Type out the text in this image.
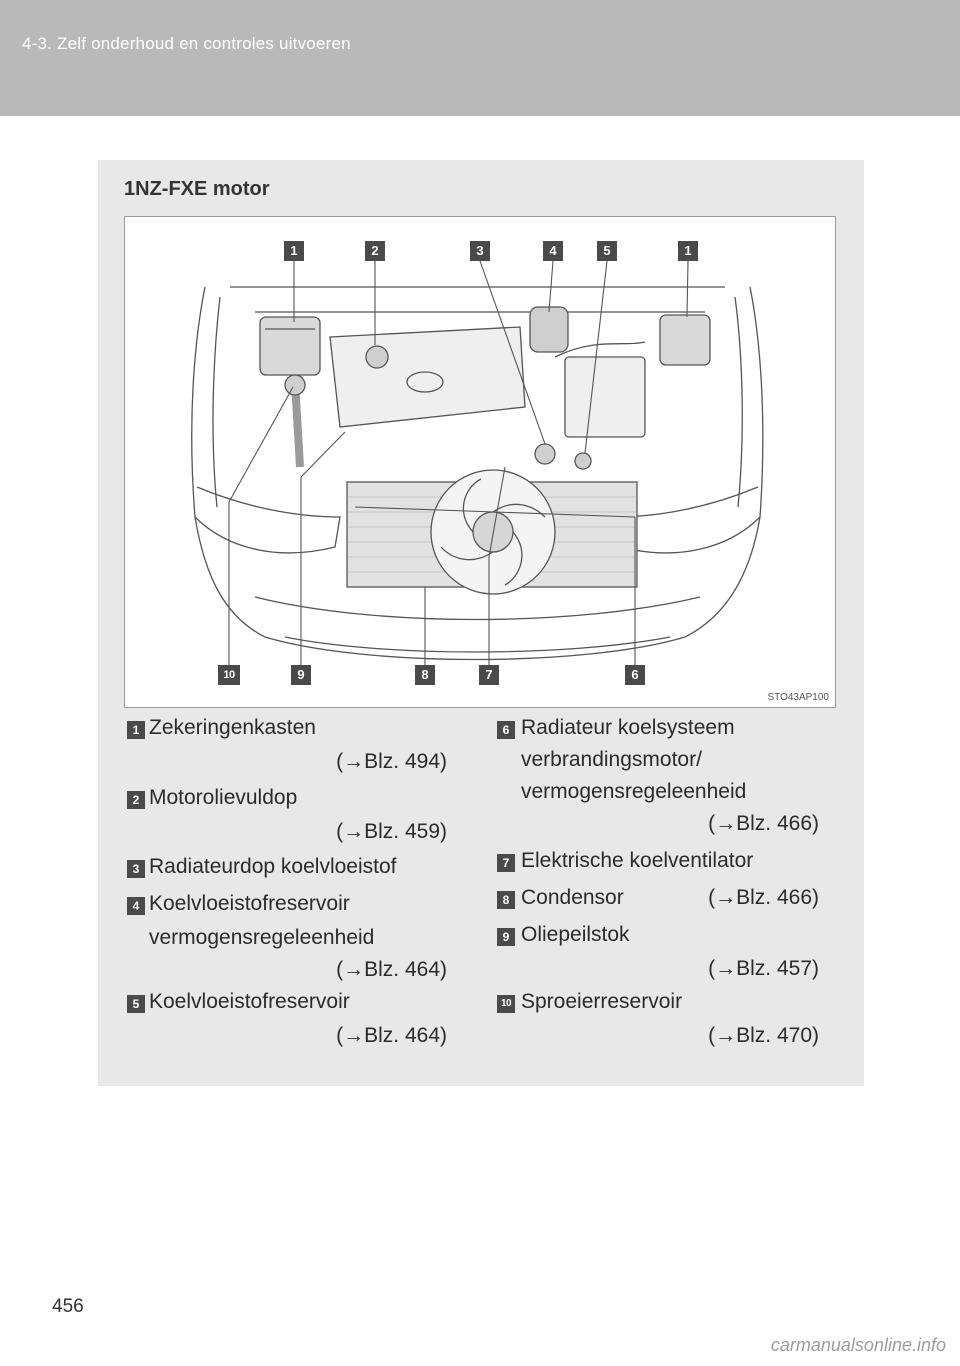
4-3. Zelf onderhoud en controles uitvoeren
1NZ-FXE motor
1	2	3	4	5	1
10	9	8	7	6
STO43AP100
1 Zekeringenkasten
(→Blz. 494)
2 Motorolievuldop
(→Blz. 459)
3 Radiateurdop koelvloeistof
4 Koelvloeistofreservoir
vermogensregeleenheid
(→Blz. 464)
5 Koelvloeistofreservoir
(→Blz. 464)
6 Radiateur koelsysteem
verbrandingsmotor/
vermogensregeleenheid
(→Blz. 466)
7 Elektrische koelventilator
8 Condensor	(→Blz. 466)
9 Oliepeilstok
(→Blz. 457)
10 Sproeierreservoir
(→Blz. 470)
456
carmanualsonline.info
